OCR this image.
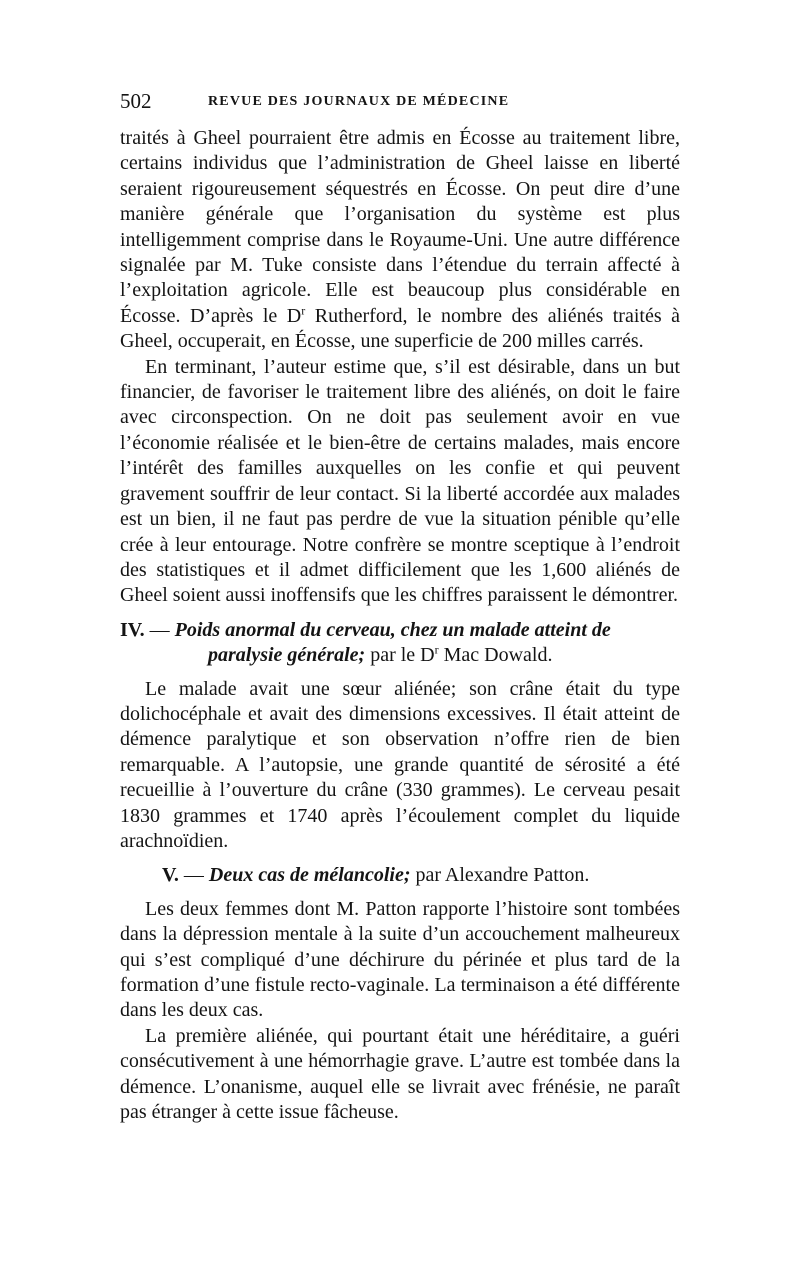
502	REVUE DES JOURNAUX DE MÉDECINE

traités à Gheel pourraient être admis en Écosse au traitement libre, certains individus que l’administration de Gheel laisse en liberté seraient rigoureusement séquestrés en Écosse. On peut dire d’une manière générale que l’organisation du système est plus intelligemment comprise dans le Royaume-Uni. Une autre différence signalée par M. Tuke consiste dans l’étendue du terrain affecté à l’exploitation agricole. Elle est beaucoup plus considérable en Écosse. D’après le $D^r$ Rutherford, le nombre des aliénés traités à Gheel, occuperait, en Écosse, une superficie de 200 milles carrés.

En terminant, l’auteur estime que, s’il est désirable, dans un but financier, de favoriser le traitement libre des aliénés, on doit le faire avec circonspection. On ne doit pas seulement avoir en vue l’économie réalisée et le bien-être de certains malades, mais encore l’intérêt des familles auxquelles on les confie et qui peuvent gravement souffrir de leur contact. Si la liberté accordée aux malades est un bien, il ne faut pas perdre de vue la situation pénible qu’elle crée à leur entourage. Notre confrère se montre sceptique à l’endroit des statistiques et il admet difficilement que les 1,600 aliénés de Gheel soient aussi inoffensifs que les chiffres paraissent le démontrer.

IV. — Poids anormal du cerveau, chez un malade atteint de
paralysie générale; par le $D^r$ Mac Dowald.

Le malade avait une sœur aliénée; son crâne était du type dolichocéphale et avait des dimensions excessives. Il était atteint de démence paralytique et son observation n’offre rien de bien remarquable. A l’autopsie, une grande quantité de sérosité a été recueillie à l’ouverture du crâne (330 grammes). Le cerveau pesait 1830 grammes et 1740 après l’écoulement complet du liquide arachnoïdien.

V. — Deux cas de mélancolie; par Alexandre Patton.

Les deux femmes dont M. Patton rapporte l’histoire sont tombées dans la dépression mentale à la suite d’un accouchement malheureux qui s’est compliqué d’une déchirure du périnée et plus tard de la formation d’une fistule recto-vaginale. La terminaison a été différente dans les deux cas.

La première aliénée, qui pourtant était une héréditaire, a guéri consécutivement à une hémorrhagie grave. L’autre est tombée dans la démence. L’onanisme, auquel elle se livrait avec frénésie, ne paraît pas étranger à cette issue fâcheuse.
